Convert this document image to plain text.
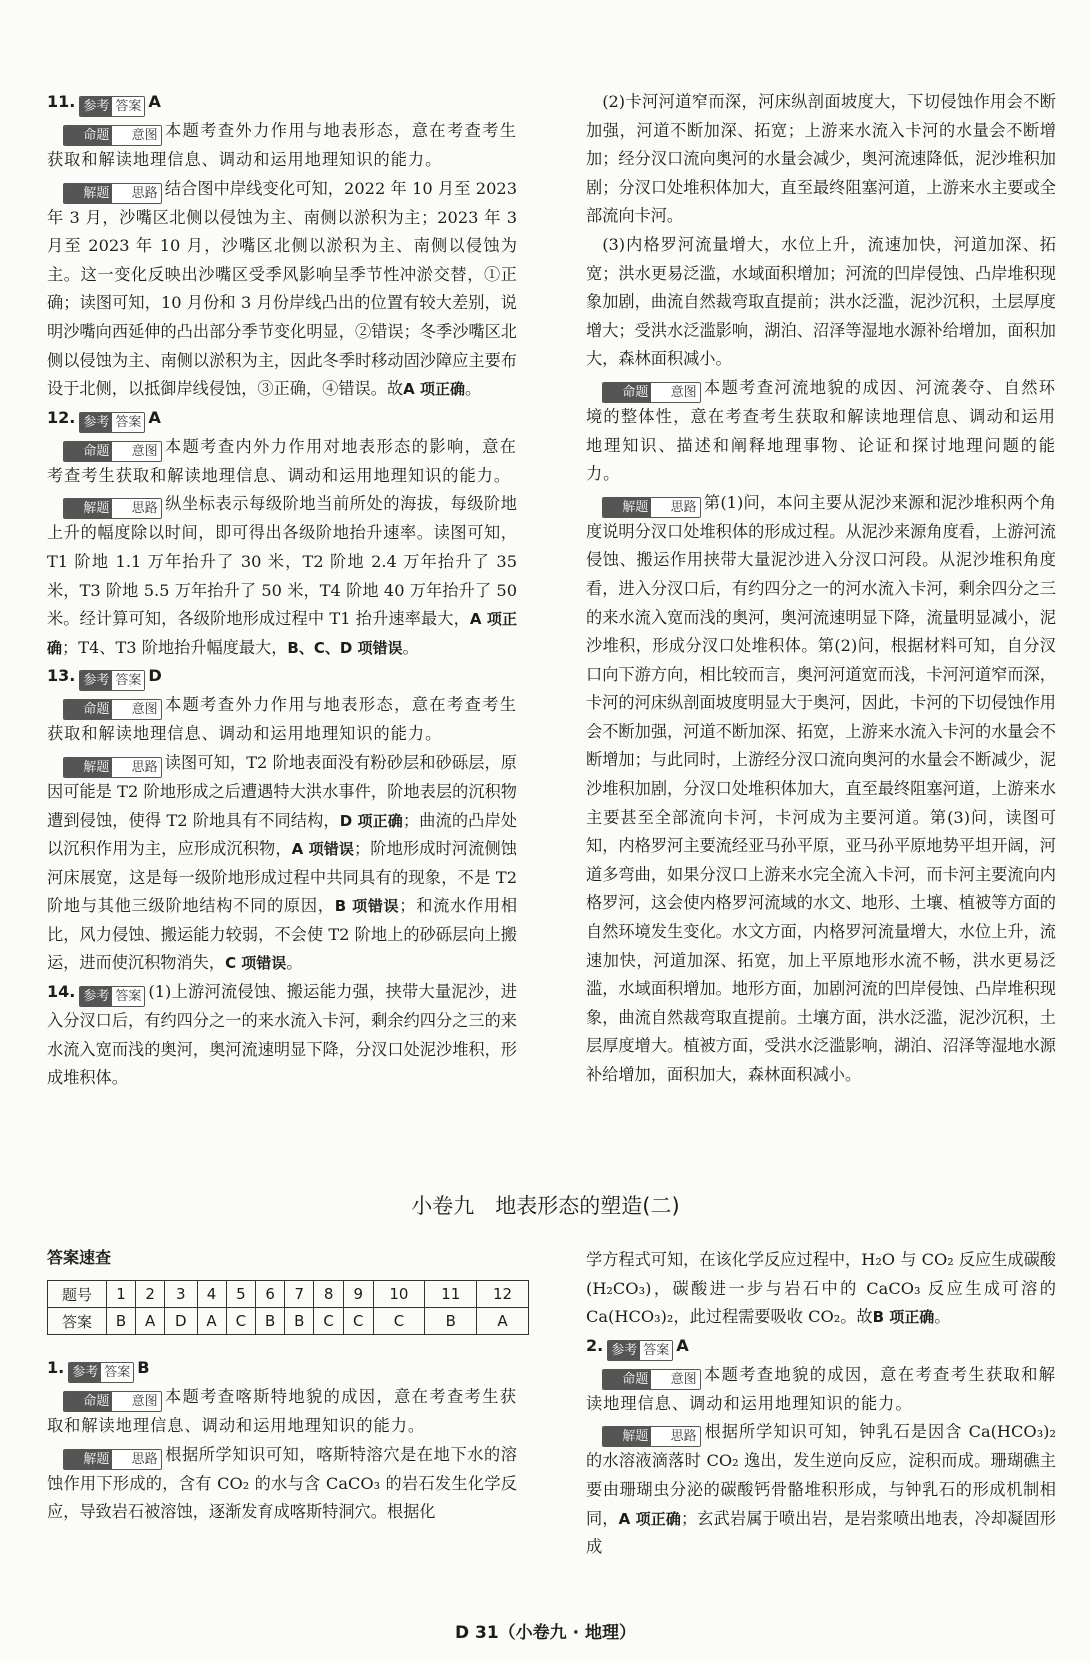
11. 参考 答案 A

命题	意图 本题考查外力作用与地表形态，意在考查考生获取和解读地理信息、调动和运用地理知识的能力。

解题	思路 结合图中岸线变化可知，2022 年 10 月至 2023 年 3 月，沙嘴区北侧以侵蚀为主、南侧以淤积为主；2023 年 3 月至 2023 年 10 月，沙嘴区北侧以淤积为主、南侧以侵蚀为主。这一变化反映出沙嘴区受季风影响呈季节性冲淤交替，①正确；读图可知，10 月份和 3 月份岸线凸出的位置有较大差别，说明沙嘴向西延伸的凸出部分季节变化明显，②错误；冬季沙嘴区北侧以侵蚀为主、南侧以淤积为主，因此冬季时移动固沙障应主要布设于北侧，以抵御岸线侵蚀，③正确，④错误。故A 项正确。

12. 参考 答案 A

命题	意图 本题考查内外力作用对地表形态的影响，意在考查考生获取和解读地理信息、调动和运用地理知识的能力。

解题	思路 纵坐标表示每级阶地当前所处的海拔，每级阶地上升的幅度除以时间，即可得出各级阶地抬升速率。读图可知，T1 阶地 1.1 万年抬升了 30 米，T2 阶地 2.4 万年抬升了 35 米，T3 阶地 5.5 万年抬升了 50 米，T4 阶地 40 万年抬升了 50 米。经计算可知，各级阶地形成过程中 T1 抬升速率最大，A 项正确；T4、T3 阶地抬升幅度最大，B、C、D 项错误。

13. 参考 答案 D

命题	意图 本题考查外力作用与地表形态，意在考查考生获取和解读地理信息、调动和运用地理知识的能力。

解题	思路 读图可知，T2 阶地表面没有粉砂层和砂砾层，原因可能是 T2 阶地形成之后遭遇特大洪水事件，阶地表层的沉积物遭到侵蚀，使得 T2 阶地具有不同结构，D 项正确；曲流的凸岸处以沉积作用为主，应形成沉积物，A 项错误；阶地形成时河流侧蚀河床展宽，这是每一级阶地形成过程中共同具有的现象，不是 T2 阶地与其他三级阶地结构不同的原因，B 项错误；和流水作用相比，风力侵蚀、搬运能力较弱，不会使 T2 阶地上的砂砾层向上搬运，进而使沉积物消失，C 项错误。

14. 参考 答案 (1)上游河流侵蚀、搬运能力强，挟带大量泥沙，进入分汊口后，有约四分之一的来水流入卡河，剩余约四分之三的来水流入宽而浅的奥河，奥河流速明显下降，分汊口处泥沙堆积，形成堆积体。

(2)卡河河道窄而深，河床纵剖面坡度大，下切侵蚀作用会不断加强，河道不断加深、拓宽；上游来水流入卡河的水量会不断增加；经分汊口流向奥河的水量会减少，奥河流速降低，泥沙堆积加剧；分汊口处堆积体加大，直至最终阻塞河道，上游来水主要或全部流向卡河。

(3)内格罗河流量增大，水位上升，流速加快，河道加深、拓宽；洪水更易泛滥，水域面积增加；河流的凹岸侵蚀、凸岸堆积现象加剧，曲流自然裁弯取直提前；洪水泛滥，泥沙沉积，土层厚度增大；受洪水泛滥影响，湖泊、沼泽等湿地水源补给增加，面积加大，森林面积减小。

命题	意图 本题考查河流地貌的成因、河流袭夺、自然环境的整体性，意在考查考生获取和解读地理信息、调动和运用地理知识、描述和阐释地理事物、论证和探讨地理问题的能力。

解题	思路 第(1)问，本问主要从泥沙来源和泥沙堆积两个角度说明分汊口处堆积体的形成过程。从泥沙来源角度看，上游河流侵蚀、搬运作用挟带大量泥沙进入分汊口河段。从泥沙堆积角度看，进入分汊口后，有约四分之一的河水流入卡河，剩余四分之三的来水流入宽而浅的奥河，奥河流速明显下降，流量明显减小，泥沙堆积，形成分汊口处堆积体。第(2)问，根据材料可知，自分汊口向下游方向，相比较而言，奥河河道宽而浅，卡河河道窄而深，卡河的河床纵剖面坡度明显大于奥河，因此，卡河的下切侵蚀作用会不断加强，河道不断加深、拓宽，上游来水流入卡河的水量会不断增加；与此同时，上游经分汊口流向奥河的水量会不断减少，泥沙堆积加剧，分汊口处堆积体加大，直至最终阻塞河道，上游来水主要甚至全部流向卡河，卡河成为主要河道。第(3)问，读图可知，内格罗河主要流经亚马孙平原，亚马孙平原地势平坦开阔，河道多弯曲，如果分汊口上游来水完全流入卡河，而卡河主要流向内格罗河，这会使内格罗河流域的水文、地形、土壤、植被等方面的自然环境发生变化。水文方面，内格罗河流量增大，水位上升，流速加快，河道加深、拓宽，加上平原地形水流不畅，洪水更易泛滥，水域面积增加。地形方面，加剧河流的凹岸侵蚀、凸岸堆积现象，曲流自然裁弯取直提前。土壤方面，洪水泛滥，泥沙沉积，土层厚度增大。植被方面，受洪水泛滥影响，湖泊、沼泽等湿地水源补给增加，面积加大，森林面积减小。

小卷九　地表形态的塑造(二)
答案速查
题号	1	2	3	4	5	6	7	8	9	10	11	12
答案	B	A	D	A	C	B	B	C	C	C	B	A

1. 参考 答案 B

命题	意图 本题考查喀斯特地貌的成因，意在考查考生获取和解读地理信息、调动和运用地理知识的能力。

解题	思路 根据所学知识可知，喀斯特溶穴是在地下水的溶蚀作用下形成的，含有 CO₂ 的水与含 CaCO₃ 的岩石发生化学反应，导致岩石被溶蚀，逐渐发育成喀斯特洞穴。根据化

学方程式可知，在该化学反应过程中，H₂O 与 CO₂ 反应生成碳酸(H₂CO₃)，碳酸进一步与岩石中的 CaCO₃ 反应生成可溶的 Ca(HCO₃)₂，此过程需要吸收 CO₂。故B 项正确。

2. 参考 答案 A

命题	意图 本题考查地貌的成因，意在考查考生获取和解读地理信息、调动和运用地理知识的能力。

解题	思路 根据所学知识可知，钟乳石是因含 Ca(HCO₃)₂ 的水溶液滴落时 CO₂ 逸出，发生逆向反应，淀积而成。珊瑚礁主要由珊瑚虫分泌的碳酸钙骨骼堆积形成，与钟乳石的形成机制相同，A 项正确；玄武岩属于喷出岩，是岩浆喷出地表，冷却凝固形成

D 31（小卷九 · 地理）
